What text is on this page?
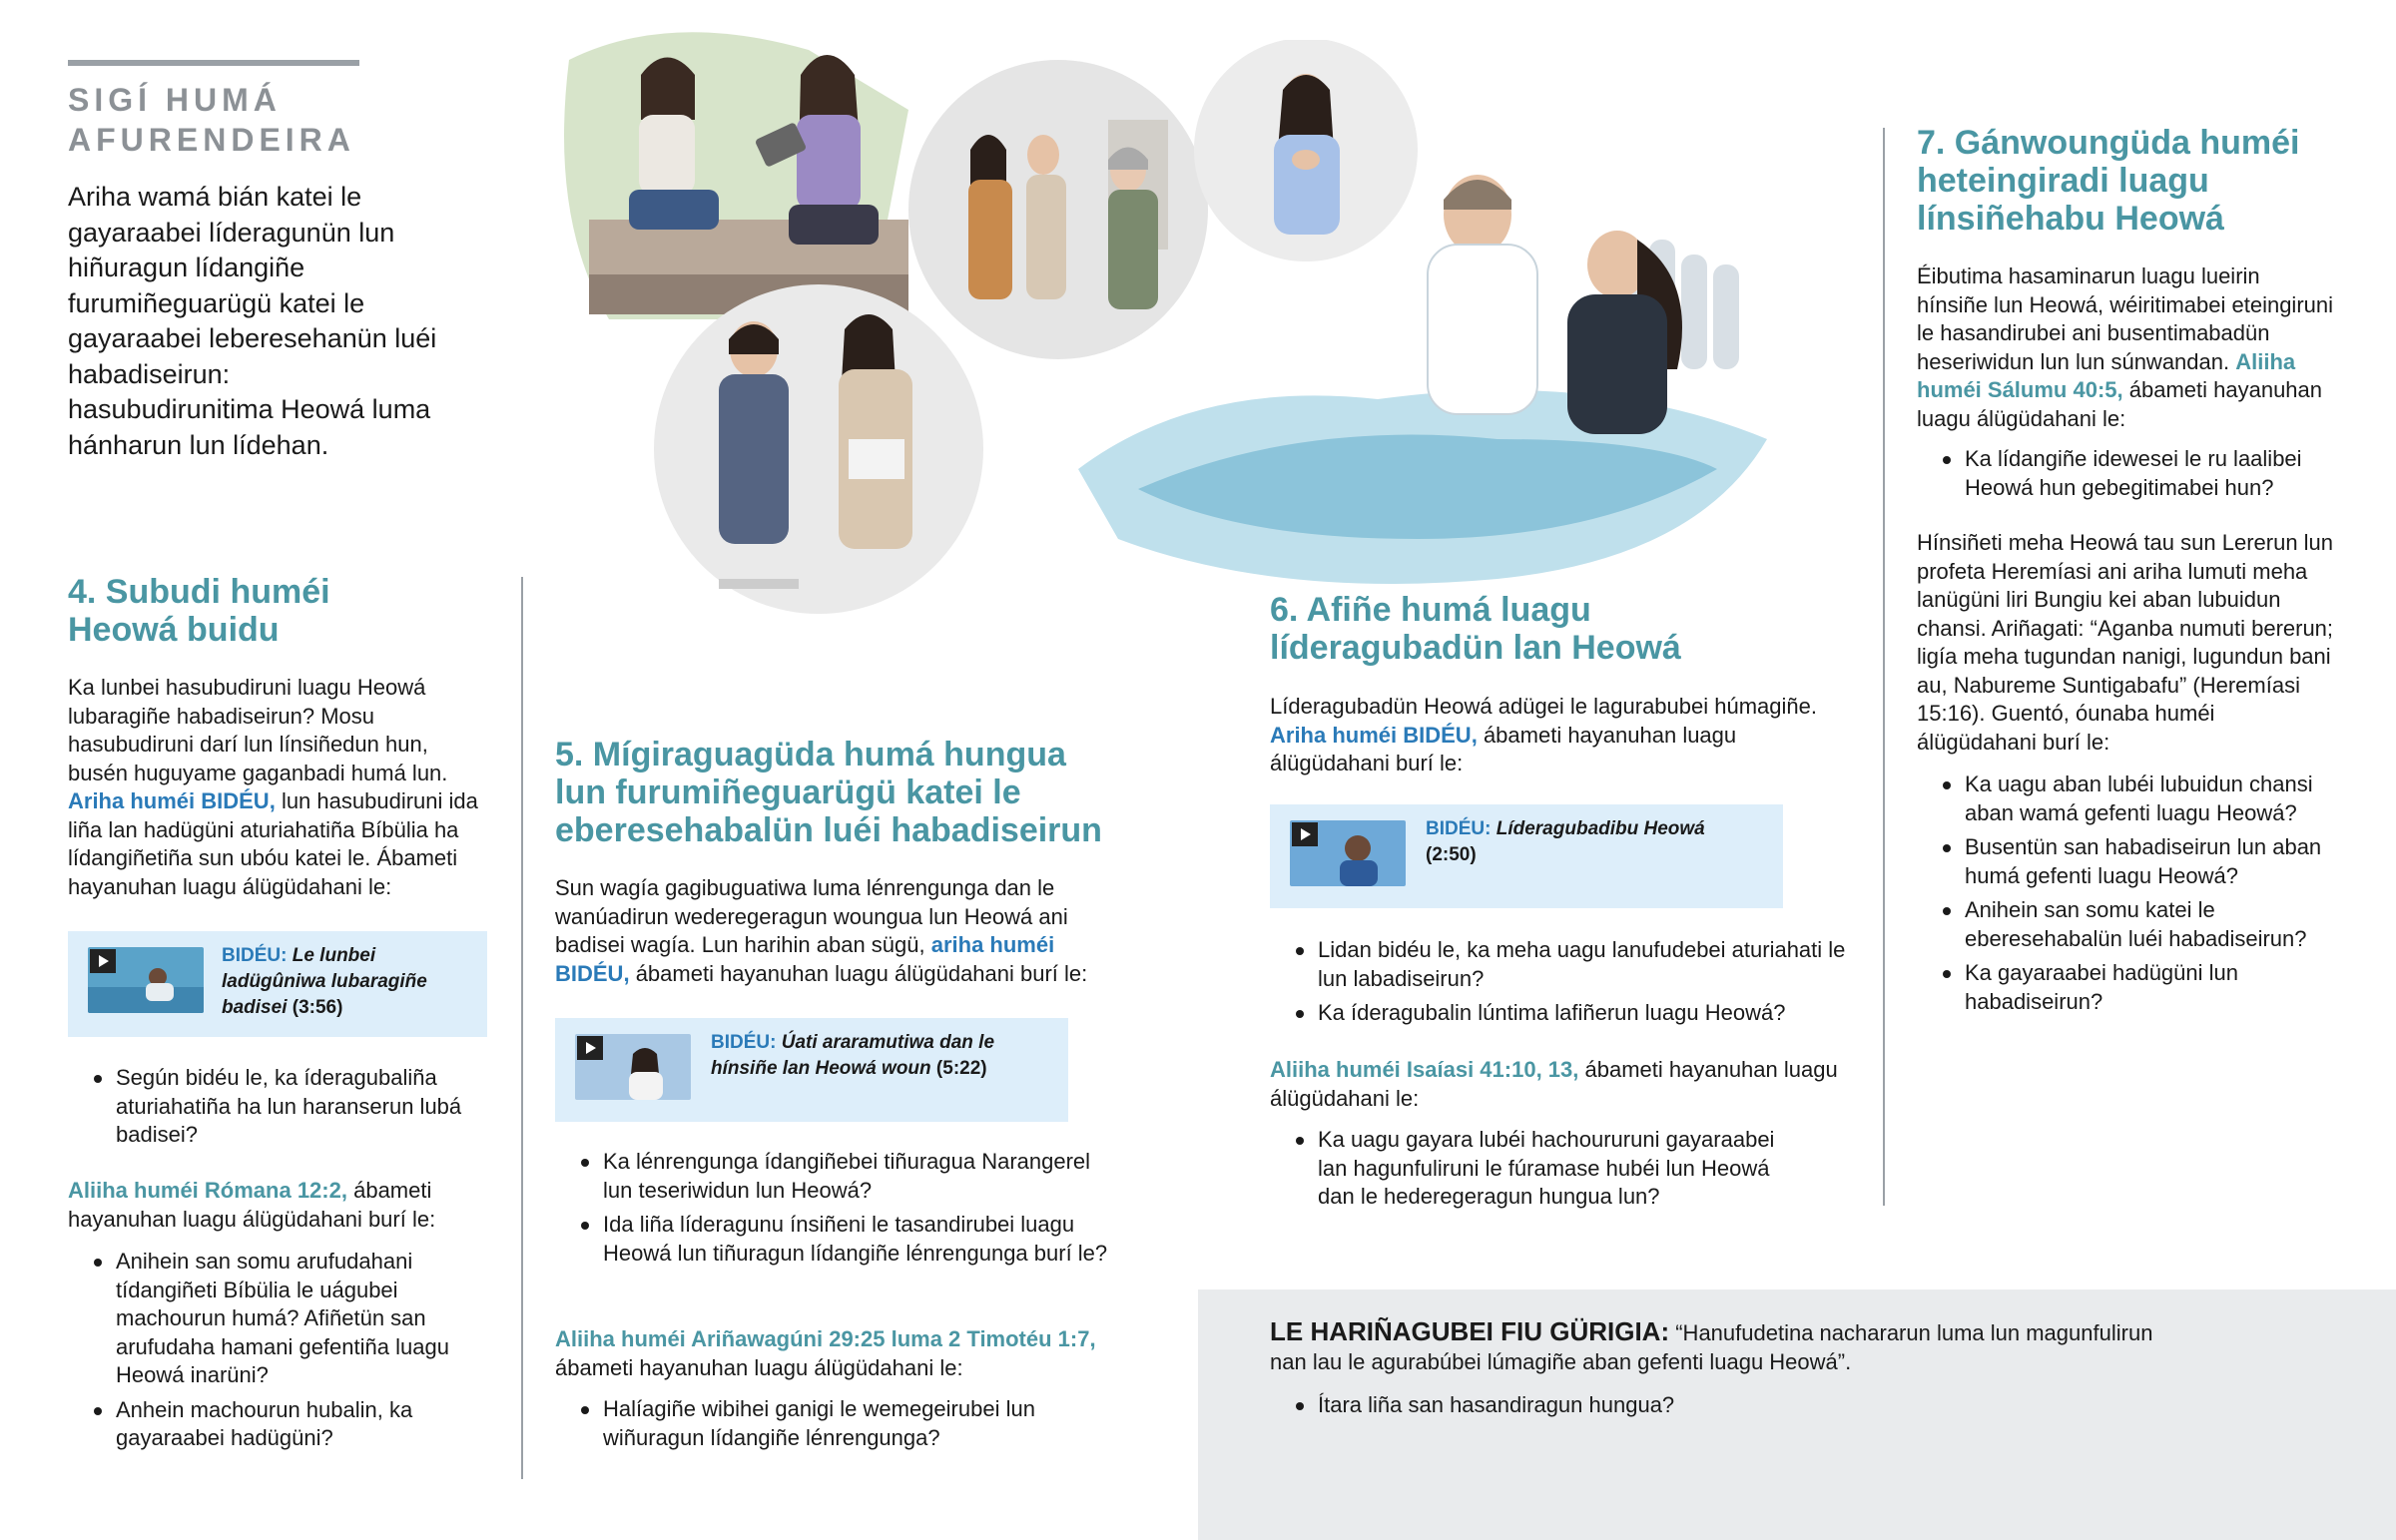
SIGÍ HUMÁ
AFURENDEIRA

Ariha wamá bián katei le gayaraabei líderagunün lun hiñuragun lídangiñe furumiñeguarügü katei le gayaraabei leberesehanün luéi habadiseirun: hasubudirunitima Heowá luma hánharun lun lídehan.

4. Subudi huméi Heowá buidu

Ka lunbei hasubudiruni luagu Heowá lubaragiñe habadiseirun? Mosu hasubudiruni darí lun línsiñedun hun, busén huguyame gaganbadi humá lun. Ariha huméi BIDÉU, lun hasubudiruni ida liña lan hadügüni aturiahatiña Bíbülia ha lídangiñetiña sun ubóu katei le. Ábameti hayanuhan luagu álügüdahani le:

BIDÉU: Le lunbei ladügûniwa lubaragiñe badisei (3:56)
Según bidéu le, ka íderagubaliña aturiahatiña ha lun haranserun lubá badisei?

Aliiha huméi Rómana 12:2, ábameti hayanuhan luagu álügüdahani burí le:

Anihein san somu arufudahani tídangiñeti Bíbülia le uágubei machourun humá? Afiñetün san arufudaha hamani gefentiña luagu Heowá inarüni?
Anhein machourun hubalin, ka gayaraabei hadügüni?
5. Mígiraguagüda humá hungua lun furumiñeguarügü katei le eberesehabalün luéi habadiseirun

Sun wagía gagibuguatiwa luma lénrengunga dan le wanúadirun wederegeragun woungua lun Heowá ani badisei wagía. Lun harihin aban sügü, ariha huméi BIDÉU, ábameti hayanuhan luagu álügüdahani burí le:

BIDÉU: Úati araramutiwa dan le hínsiñe lan Heowá woun (5:22)
Ka lénrengunga ídangiñebei tiñuragua Narangerel lun teseriwidun lun Heowá?
Ida liña líderagunu ínsiñeni le tasandirubei luagu Heowá lun tiñuragun lídangiñe lénrengunga burí le?

Aliiha huméi Ariñawagúni 29:25 luma 2 Timotéu 1:7, ábameti hayanuhan luagu álügüdahani le:

Halíagiñe wibihei ganigi le wemegeirubei lun wiñuragun lídangiñe lénrengunga?
6. Afiñe humá luagu líderagubadün lan Heowá

Líderagubadün Heowá adügei le lagurabubei húmagiñe. Ariha huméi BIDÉU, ábameti hayanuhan luagu álügüdahani burí le:

BIDÉU: Líderagubadibu Heowá
(2:50)
Lidan bidéu le, ka meha uagu lanufudebei aturiahati le lun labadiseirun?
Ka íderagubalin lúntima lafiñerun luagu Heowá?

Aliiha huméi Isaíasi 41:10, 13, ábameti hayanuhan luagu álügüdahani le:

Ka uagu gayara lubéi hachoururuni gayaraabei lan hagunfuliruni le fúramase hubéi lun Heowá dan le hederegeragun hungua lun?
7. Gánwoungüda huméi heteingiradi luagu línsiñehabu Heowá

Éibutima hasaminarun luagu lueirin hínsiñe lun Heowá, wéiritimabei eteingiruni le hasandirubei ani busentimabadün heseriwidun lun lun súnwandan. Aliiha huméi Sálumu 40:5, ábameti hayanuhan luagu álügüdahani le:

Ka lídangiñe idewesei le ru laalibei Heowá hun gebegitimabei hun?

Hínsiñeti meha Heowá tau sun Lererun lun profeta Heremíasi ani ariha lumuti meha lanügüni liri Bungiu kei aban lubuidun chansi. Ariñagati: “Aganba numuti bererun; ligía meha tugundan nanigi, lugundun bani au, Nabureme Suntigabafu” (Heremíasi 15:16). Guentó, óunaba huméi álügüdahani burí le:

Ka uagu aban lubéi lubuidun chansi aban wamá gefenti luagu Heowá?
Busentün san habadiseirun lun aban humá gefenti luagu Heowá?
Anihein san somu katei le eberesehabalün luéi habadiseirun?
Ka gayaraabei hadügüni lun habadiseirun?

LE HARIÑAGUBEI FIU GÜRIGIA: “Hanufudetina nachararun luma lun magunfulirun nan lau le agurabúbei lúmagiñe aban gefenti luagu Heowá”.

Ítara liña san hasandiragun hungua?
